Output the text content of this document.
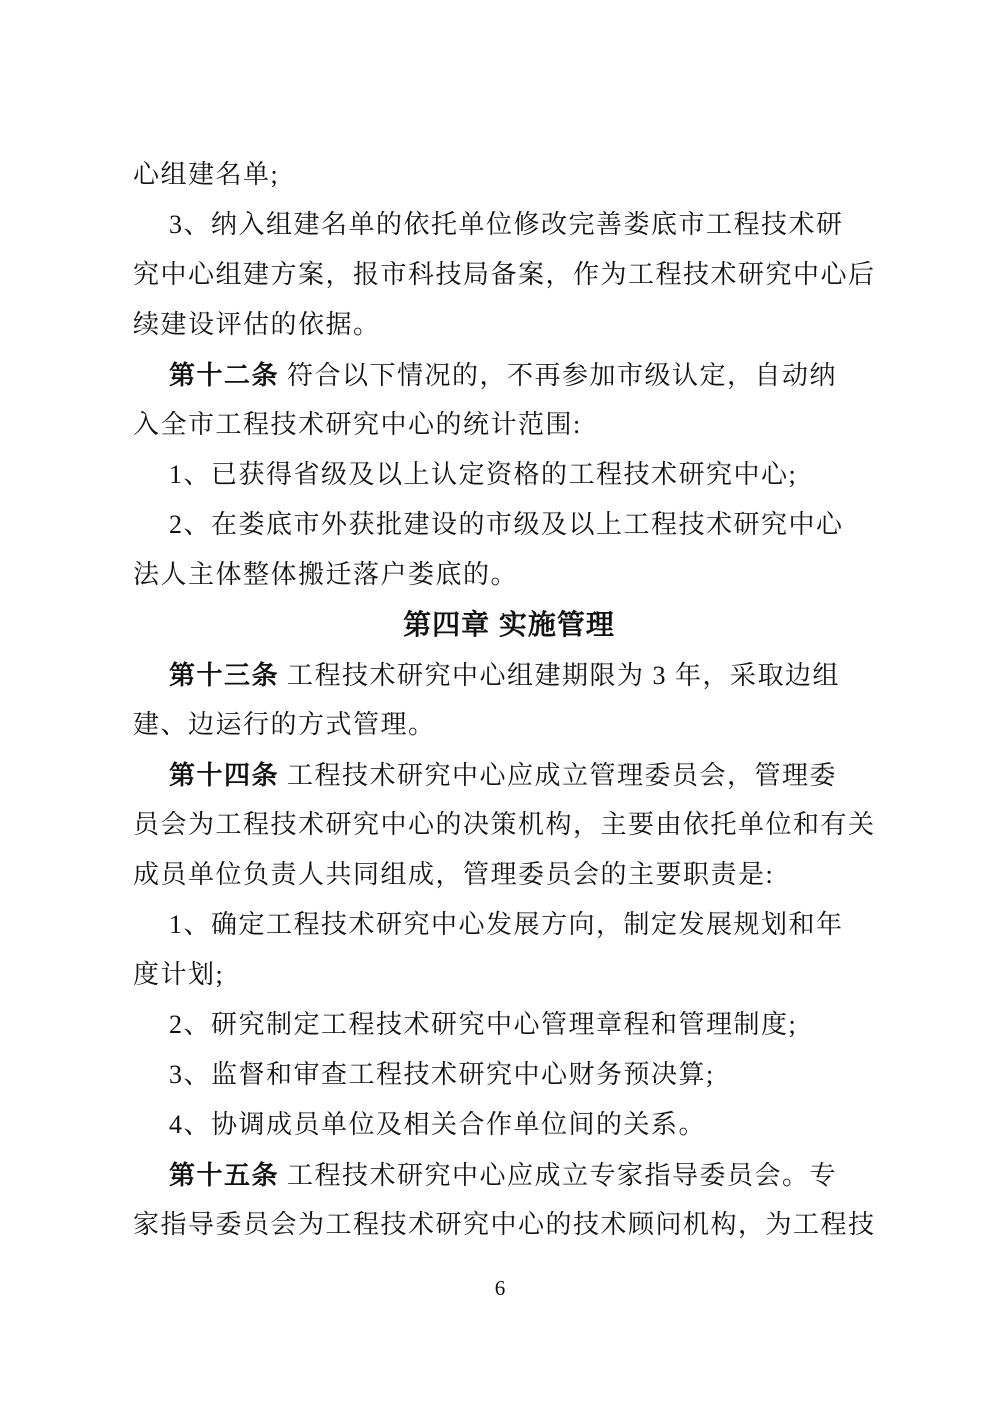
心组建名单;
3、纳入组建名单的依托单位修改完善娄底市工程技术研
究中心组建方案，报市科技局备案，作为工程技术研究中心后
续建设评估的依据。
第十二条 符合以下情况的，不再参加市级认定，自动纳
入全市工程技术研究中心的统计范围:
1、已获得省级及以上认定资格的工程技术研究中心;
2、在娄底市外获批建设的市级及以上工程技术研究中心
法人主体整体搬迁落户娄底的。
第四章 实施管理
第十三条 工程技术研究中心组建期限为 3 年，采取边组
建、边运行的方式管理。
第十四条 工程技术研究中心应成立管理委员会，管理委
员会为工程技术研究中心的决策机构，主要由依托单位和有关
成员单位负责人共同组成，管理委员会的主要职责是:
1、确定工程技术研究中心发展方向，制定发展规划和年
度计划;
2、研究制定工程技术研究中心管理章程和管理制度;
3、监督和审查工程技术研究中心财务预决算;
4、协调成员单位及相关合作单位间的关系。
第十五条 工程技术研究中心应成立专家指导委员会。专
家指导委员会为工程技术研究中心的技术顾问机构，为工程技
6
